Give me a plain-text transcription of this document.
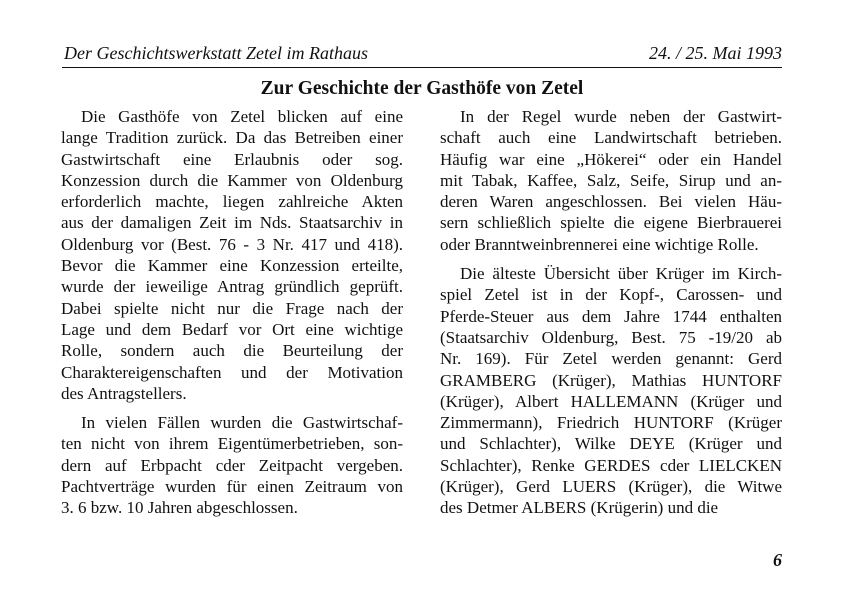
Der Geschichtswerkstatt Zetel im Rathaus	24. / 25. Mai 1993
Zur Geschichte der Gasthöfe von Zetel

Die Gasthöfe von Zetel blicken auf eine
lange Tradition zurück. Da das Betreiben einer
Gastwirtschaft eine Erlaubnis oder sog.
Konzession durch die Kammer von Oldenburg
erforderlich machte, liegen zahlreiche Akten
aus der damaligen Zeit im Nds. Staatsarchiv in
Oldenburg vor (Best. 76 - 3 Nr. 417 und 418).
Bevor die Kammer eine Konzession erteilte,
wurde der ieweilige Antrag gründlich geprüft.
Dabei spielte nicht nur die Frage nach der
Lage und dem Bedarf vor Ort eine wichtige
Rolle, sondern auch die Beurteilung der
Charaktereigenschaften und der Motivation
des Antragstellers.

In vielen Fällen wurden die Gastwirtschaf-
ten nicht von ihrem Eigentümerbetrieben, son-
dern auf Erbpacht cder Zeitpacht vergeben.
Pachtverträge wurden für einen Zeitraum von
3. 6 bzw. 10 Jahren abgeschlossen.

In der Regel wurde neben der Gastwirt-
schaft auch eine Landwirtschaft betrieben.
Häufig war eine „Hökerei“ oder ein Handel
mit Tabak, Kaffee, Salz, Seife, Sirup und an-
deren Waren angeschlossen. Bei vielen Häu-
sern schließlich spielte die eigene Bierbrauerei
oder Branntweinbrennerei eine wichtige Rolle.

Die älteste Übersicht über Krüger im Kirch-
spiel Zetel ist in der Kopf-, Carossen- und
Pferde-Steuer aus dem Jahre 1744 enthalten
(Staatsarchiv Oldenburg, Best. 75 -19/20 ab
Nr. 169). Für Zetel werden genannt: Gerd
GRAMBERG (Krüger), Mathias HUNTORF
(Krüger), Albert HALLEMANN (Krüger und
Zimmermann), Friedrich HUNTORF (Krüger
und Schlachter), Wilke DEYE (Krüger und
Schlachter), Renke GERDES cder LIELCKEN
(Krüger), Gerd LUERS (Krüger), die Witwe
des Detmer ALBERS (Krügerin) und die

6
